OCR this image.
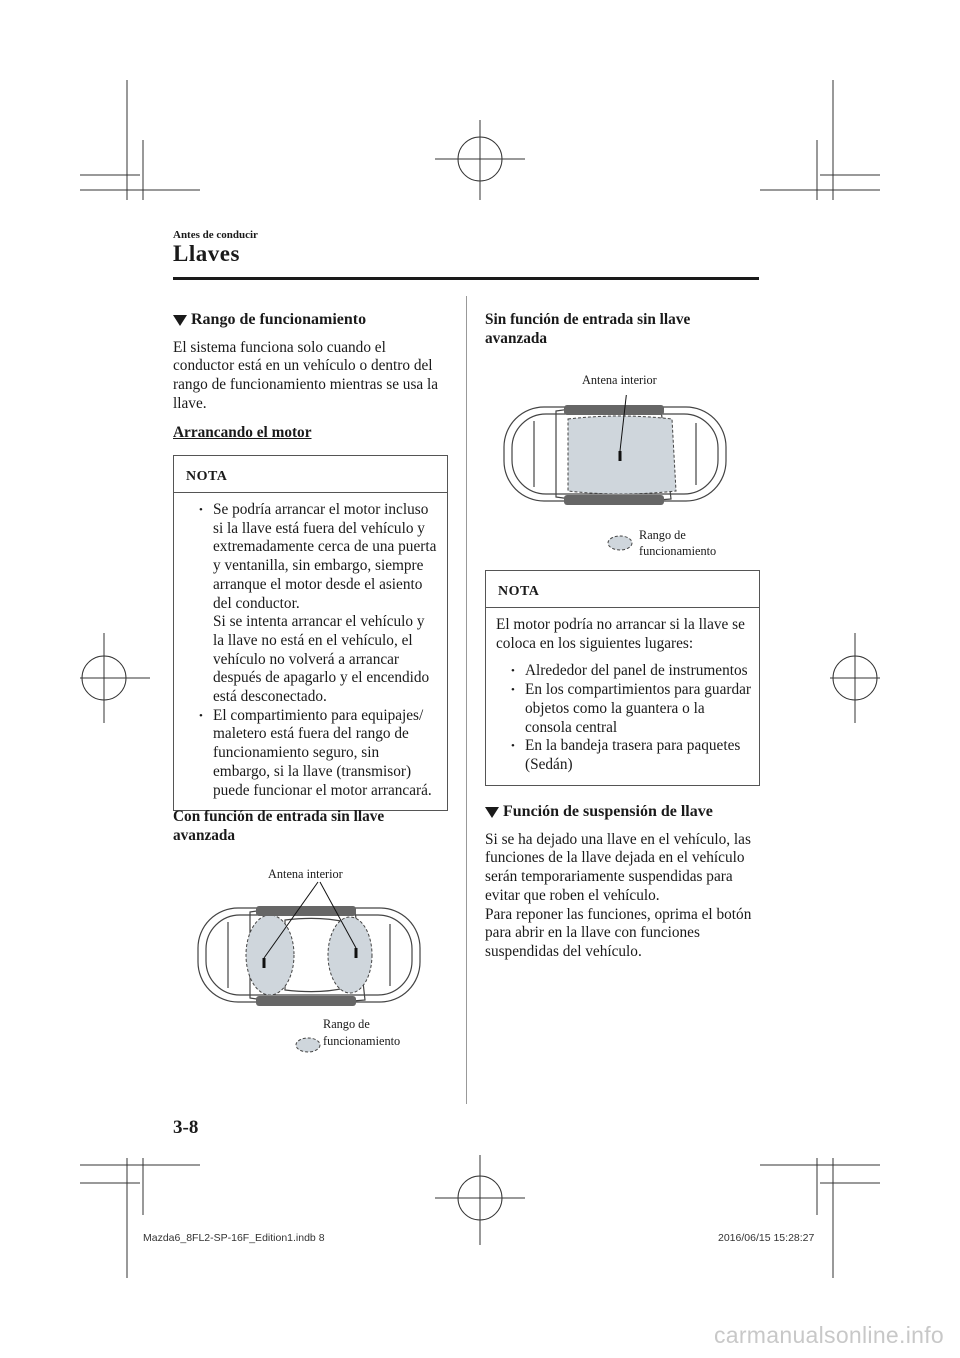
Antes de conducir
Llaves
Rango de funcionamiento
El sistema funciona solo cuando el conductor está en un vehículo o dentro del rango de funcionamiento mientras se usa la llave.
Arrancando el motor
NOTA
• Se podría arrancar el motor incluso si la llave está fuera del vehículo y extremadamente cerca de una puerta y ventanilla, sin embargo, siempre arranque el motor desde el asiento del conductor.
Si se intenta arrancar el vehículo y la llave no está en el vehículo, el vehículo no volverá a arrancar después de apagarlo y el encendido está desconectado.
• El compartimiento para equipajes/ maletero está fuera del rango de funcionamiento seguro, sin embargo, si la llave (transmisor) puede funcionar el motor arrancará.
Con función de entrada sin llave avanzada
Antena interior
Rango de
funcionamiento
Sin función de entrada sin llave avanzada
Antena interior
Rango de
funcionamiento
NOTA
El motor podría no arrancar si la llave se coloca en los siguientes lugares:
• Alrededor del panel de instrumentos
• En los compartimientos para guardar objetos como la guantera o la consola central
• En la bandeja trasera para paquetes (Sedán)
Función de suspensión de llave
Si se ha dejado una llave en el vehículo, las funciones de la llave dejada en el vehículo serán temporariamente suspendidas para evitar que roben el vehículo.
Para reponer las funciones, oprima el botón para abrir en la llave con funciones suspendidas del vehículo.
3-8
Mazda6_8FL2-SP-16F_Edition1.indb 8	2016/06/15 15:28:27
carmanualsonline.info
